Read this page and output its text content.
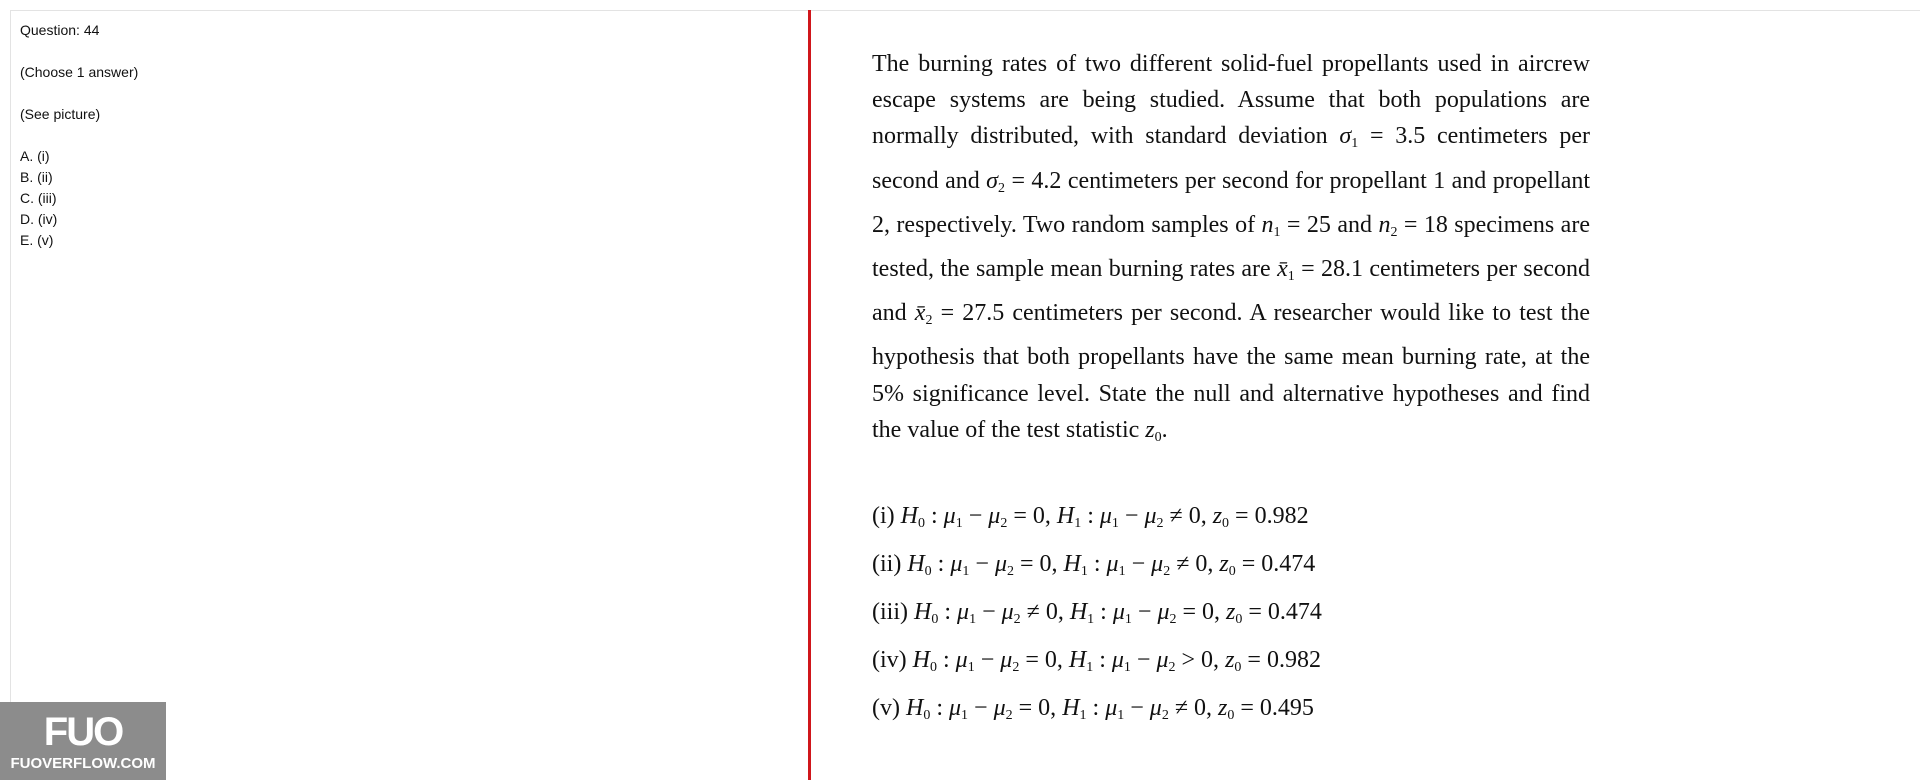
Question: 44
(Choose 1 answer)
(See picture)
A. (i)
B. (ii)
C. (iii)
D. (iv)
E. (v)

The burning rates of two different solid-fuel propellants used in aircrew escape systems are being studied. Assume that both populations are normally distributed, with standard deviation $\sigma_1 = 3.5$ centimeters per second and $\sigma_2 = 4.2$ centimeters per second for propellant 1 and propellant 2, respectively. Two random samples of $n_1 = 25$ and $n_2 = 18$ specimens are tested, the sample mean burning rates are $x̄_1 = 28.1$ centimeters per second and $x̄_2 = 27.5$ centimeters per second. A researcher would like to test the hypothesis that both propellants have the same mean burning rate, at the 5% significance level. State the null and alternative hypotheses and find the value of the test statistic $z_0$.

(i) $H_0$ : $\mu_1 - \mu_2 = 0$, $H_1$ : $\mu_1 - \mu_2 \ne 0$, $z_0 = 0.982$
(ii) $H_0$ : $\mu_1 - \mu_2 = 0$, $H_1$ : $\mu_1 - \mu_2 \ne 0$, $z_0 = 0.474$
(iii) $H_0$ : $\mu_1 - \mu_2 \ne 0$, $H_1$ : $\mu_1 - \mu_2 = 0$, $z_0 = 0.474$
(iv) $H_0$ : $\mu_1 - \mu_2 = 0$, $H_1$ : $\mu_1 - \mu_2 > 0$, $z_0 = 0.982$
(v) $H_0$ : $\mu_1 - \mu_2 = 0$, $H_1$ : $\mu_1 - \mu_2 \ne 0$, $z_0 = 0.495$
FUO
FUOVERFLOW.COM
